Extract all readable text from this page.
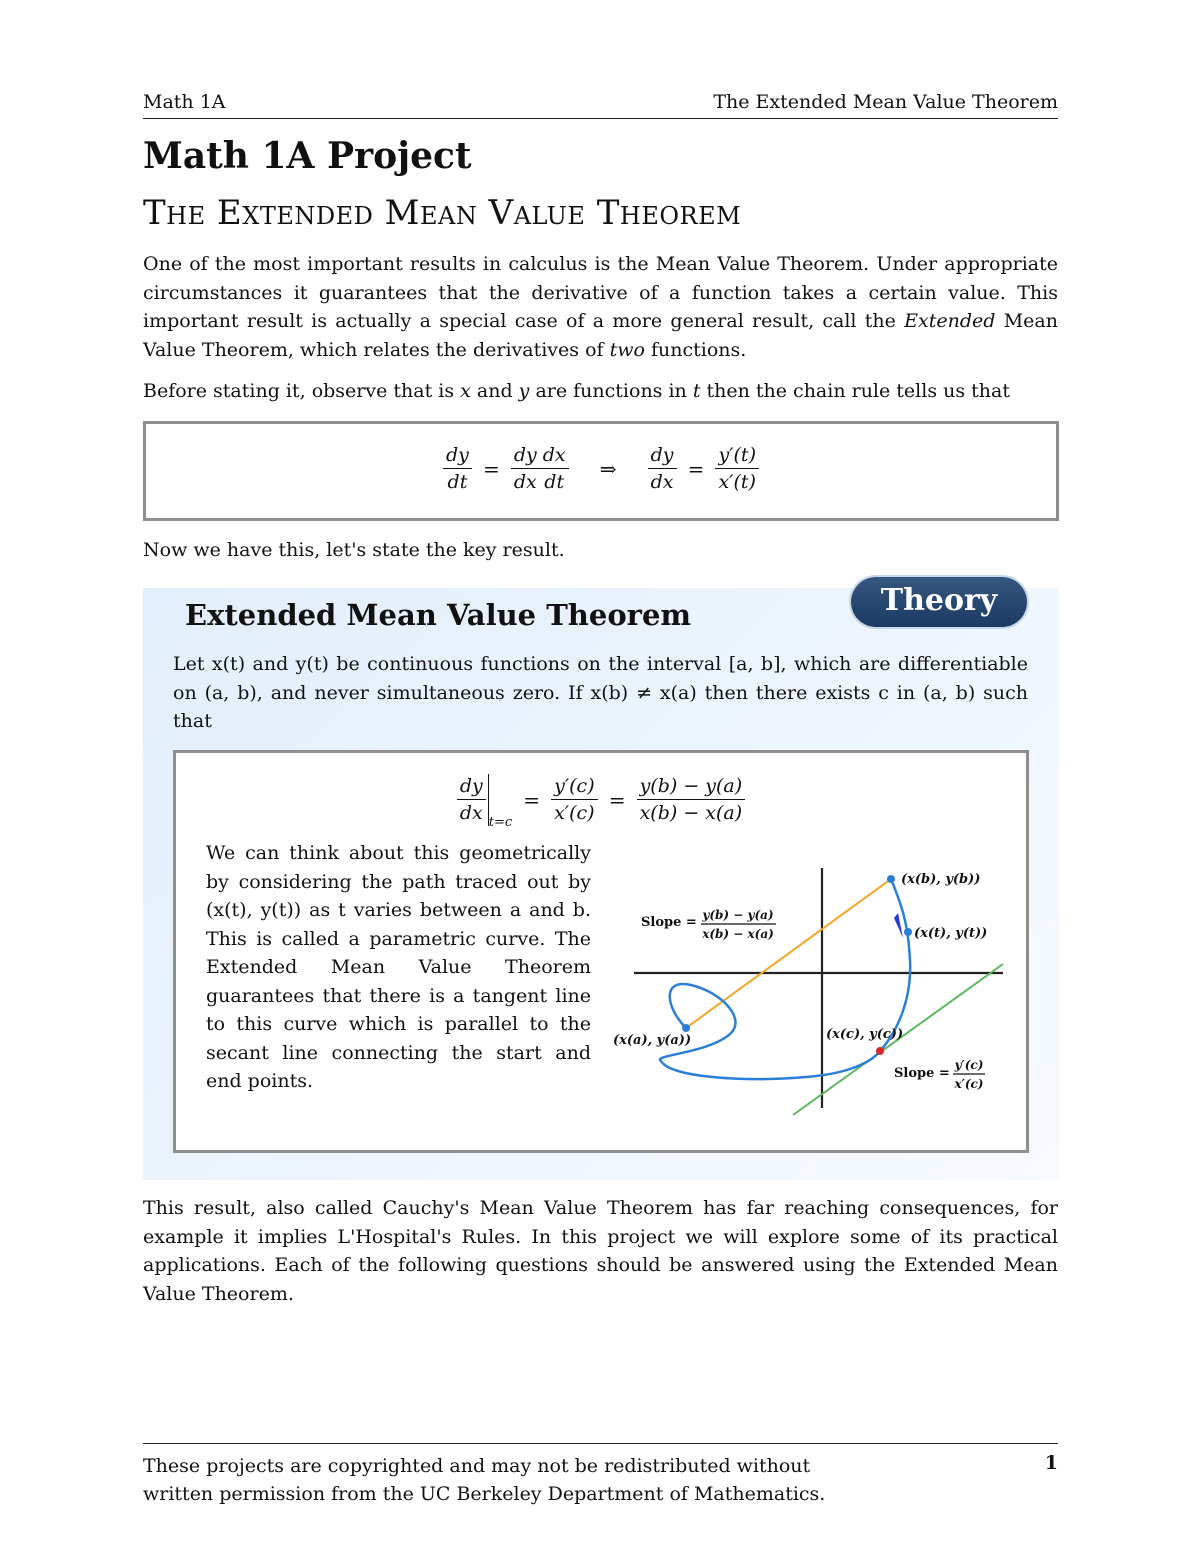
Math 1A	The Extended Mean Value Theorem
Math 1A Project
The Extended Mean Value Theorem
One of the most important results in calculus is the Mean Value Theorem. Under appropriate circumstances it guarantees that the derivative of a function takes a certain value. This important result is actually a special case of a more general result, call the Extended Mean Value Theorem, which relates the derivatives of two functions.
Before stating it, observe that is x and y are functions in t then the chain rule tells us that
$\frac{dy}{dt} = \frac{dy}{dx} \frac{dx}{dt}$ ⇒ $\frac{dy}{dx} = \frac{y'(t)}{x'(t)}$
Now we have this, let's state the key result.
Extended Mean Value Theorem	Theory
Let x(t) and y(t) be continuous functions on the interval [a, b], which are differentiable on (a, b), and never simultaneous zero. If x(b) ≠ x(a) then there exists c in (a, b) such that
$\frac{dy}{dx} t=c = \frac{y'(c)}{x'(c)} = \frac{y(b) - y(a)}{x(b) - x(a)}$
We can think about this geometrically by considering the path traced out by (x(t), y(t)) as t varies between a and b. This is called a parametric curve. The Extended Mean Value Theorem guarantees that there is a tangent line to this curve which is parallel to the secant line connecting the start and end points.
(x(b), y(b))
(x(t), y(t))
(x(a), y(a))	(x(c), y(c))
Slope = y(b) − y(a)
x(b) − x(a)
Slope =
y′(c)
x′(c)
This result, also called Cauchy's Mean Value Theorem has far reaching consequences, for example it implies L'Hospital's Rules. In this project we will explore some of its practical applications. Each of the following questions should be answered using the Extended Mean Value Theorem.
These projects are copyrighted and may not be redistributed without written permission from the UC Berkeley Department of Mathematics.
1
